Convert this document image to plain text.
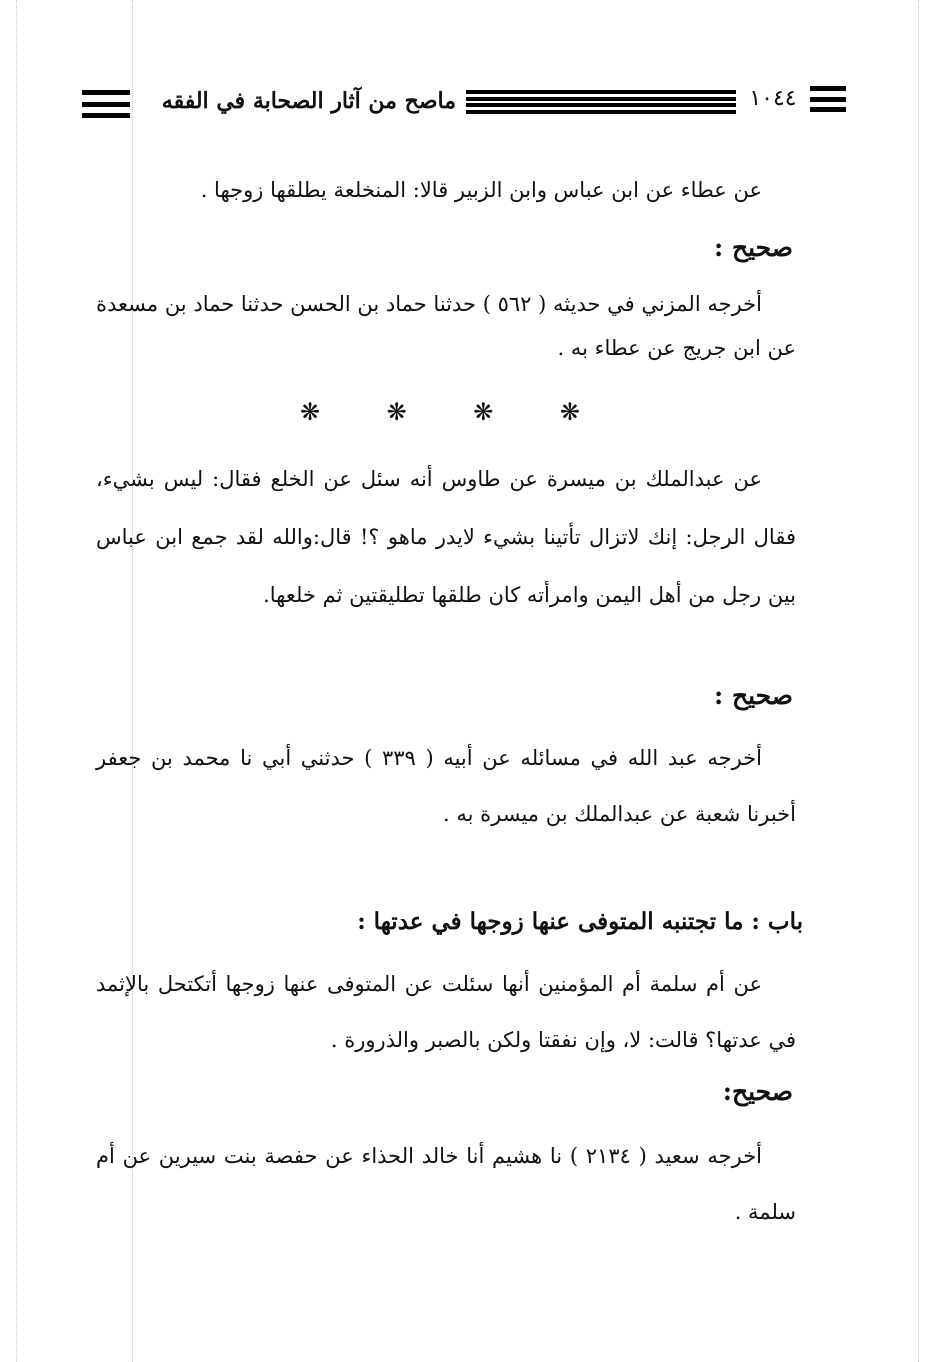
ماصح من آثار الصحابة في الفقه	١٠٤٤

عن عطاء عن ابن عباس وابن الزبير قالا: المنخلعة يطلقها زوجها .

صحيح :

أخرجه المزني في حديثه ( ٥٦٢ ) حدثنا حماد بن الحسن حدثنا حماد بن مسعدة عن ابن جريج عن عطاء به .

❋	❋	❋	❋

عن عبدالملك بن ميسرة عن طاوس أنه سئل عن الخلع فقال: ليس بشيء، فقال الرجل: إنك لاتزال تأتينا بشيء لايدر ماهو ؟! قال:والله لقد جمع ابن عباس بين رجل من أهل اليمن وامرأته كان طلقها تطليقتين ثم خلعها.

صحيح :

أخرجه عبد الله في مسائله عن أبيه ( ٣٣٩ ) حدثني أبي نا محمد بن جعفر أخبرنا شعبة عن عبدالملك بن ميسرة به .

باب : ما تجتنبه المتوفى عنها زوجها في عدتها :

عن أم سلمة أم المؤمنين أنها سئلت عن المتوفى عنها زوجها أتكتحل بالإثمد في عدتها؟ قالت: لا، وإن نفقتا ولكن بالصبر والذرورة .

صحيح:

أخرجه سعيد ( ٢١٣٤ ) نا هشيم أنا خالد الحذاء عن حفصة بنت سيرين عن أم سلمة .
